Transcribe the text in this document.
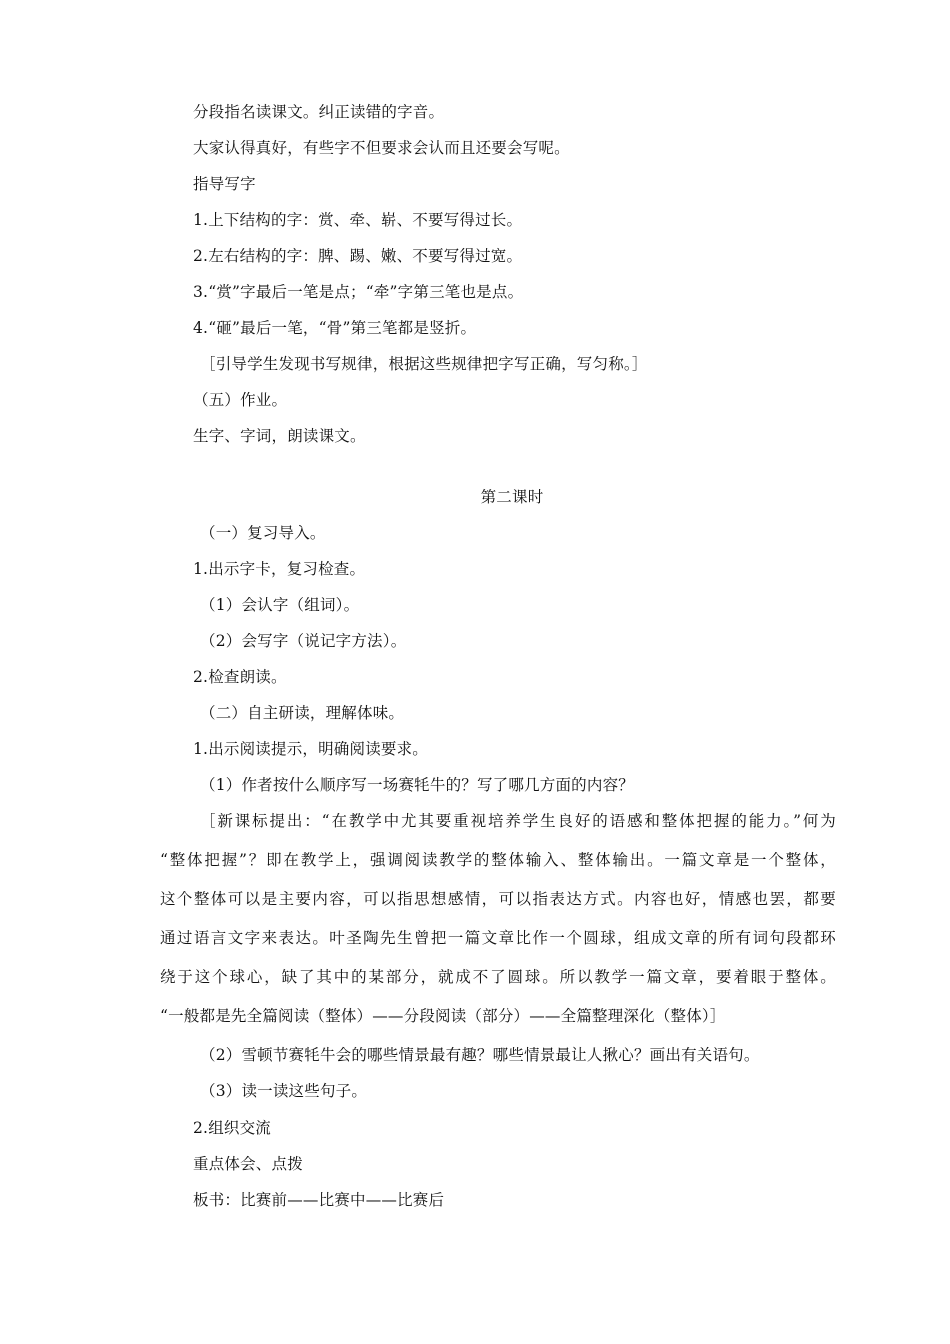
分段指名读课文。纠正读错的字音。
大家认得真好，有些字不但要求会认而且还要会写呢。
指导写字
1.上下结构的字：赏、牵、崭、不要写得过长。
2.左右结构的字：脾、踢、嫩、不要写得过宽。
3.“赏”字最后一笔是点；“牵”字第三笔也是点。
4.“砸”最后一笔，“骨”第三笔都是竖折。
［引导学生发现书写规律，根据这些规律把字写正确，写匀称。］
（五）作业。
生字、字词，朗读课文。
第二课时
（一）复习导入。
1.出示字卡，复习检查。
（1）会认字（组词）。
（2）会写字（说记字方法）。
2.检查朗读。
（二）自主研读，理解体味。
1.出示阅读提示，明确阅读要求。
（1）作者按什么顺序写一场赛牦牛的？写了哪几方面的内容？
［新课标提出：“在教学中尤其要重视培养学生良好的语感和整体把握的能力。”何为
“整体把握”？即在教学上，强调阅读教学的整体输入、整体输出。一篇文章是一个整体，
这个整体可以是主要内容，可以指思想感情，可以指表达方式。内容也好，情感也罢，都要
通过语言文字来表达。叶圣陶先生曾把一篇文章比作一个圆球，组成文章的所有词句段都环
绕于这个球心，缺了其中的某部分，就成不了圆球。所以教学一篇文章，要着眼于整体。
“一般都是先全篇阅读（整体）——分段阅读（部分）——全篇整理深化（整体）］
（2）雪顿节赛牦牛会的哪些情景最有趣？哪些情景最让人揪心？画出有关语句。
（3）读一读这些句子。
2.组织交流
重点体会、点拨
板书：比赛前——比赛中——比赛后
